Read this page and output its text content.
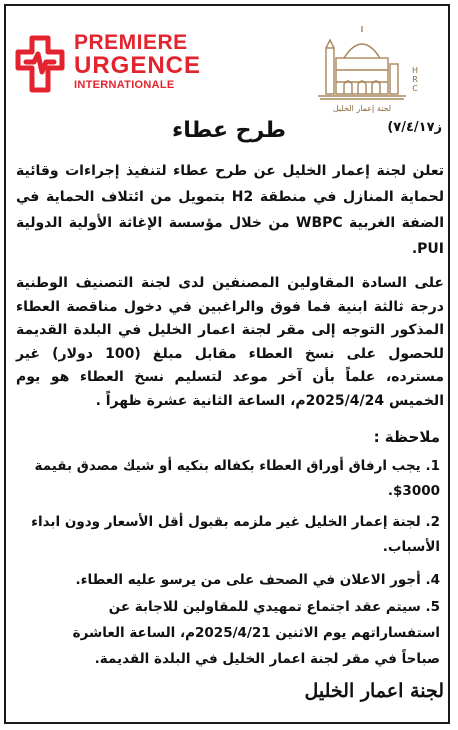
PREMIERE
URGENCE
INTERNATIONALE
لجنة إعمار الخليل
H
R
C
ز٧/٤/١٧)
طرح عطاء
تعلن لجنة إعمار الخليل عن طرح عطاء لتنفيذ إجراءات وقائية لحماية المنازل في منطقة H2 بتمويل من ائتلاف الحماية في الضفة الغربية WBPC من خلال مؤسسة الإغاثة الأولية الدولية PUI.
على السادة المقاولين المصنفين لدى لجنة التصنيف الوطنية درجة ثالثة ابنية فما فوق والراغبين في دخول مناقصة العطاء المذكور التوجه إلى مقر لجنة اعمار الخليل في البلدة القديمة للحصول على نسخ العطاء مقابل مبلغ (100 دولار) غير مسترده، علماً بأن آخر موعد لتسليم نسخ العطاء هو يوم الخميس 2025/4/24م، الساعة الثانية عشرة ظهراً .
ملاحظة :
1. يجب ارفاق أوراق العطاء بكفاله بنكيه أو شيك مصدق بقيمة 3000$.
2. لجنة إعمار الخليل غير ملزمه بقبول أقل الأسعار ودون ابداء الأسباب.
4. أجور الاعلان في الصحف على من يرسو عليه العطاء.
5. سيتم عقد اجتماع تمهيدي للمقاولين للاجابة عن استفساراتهم يوم الاثنين 2025/4/21م، الساعة العاشرة صباحاً في مقر لجنة اعمار الخليل في البلدة القديمة.
لجنة اعمار الخليل
